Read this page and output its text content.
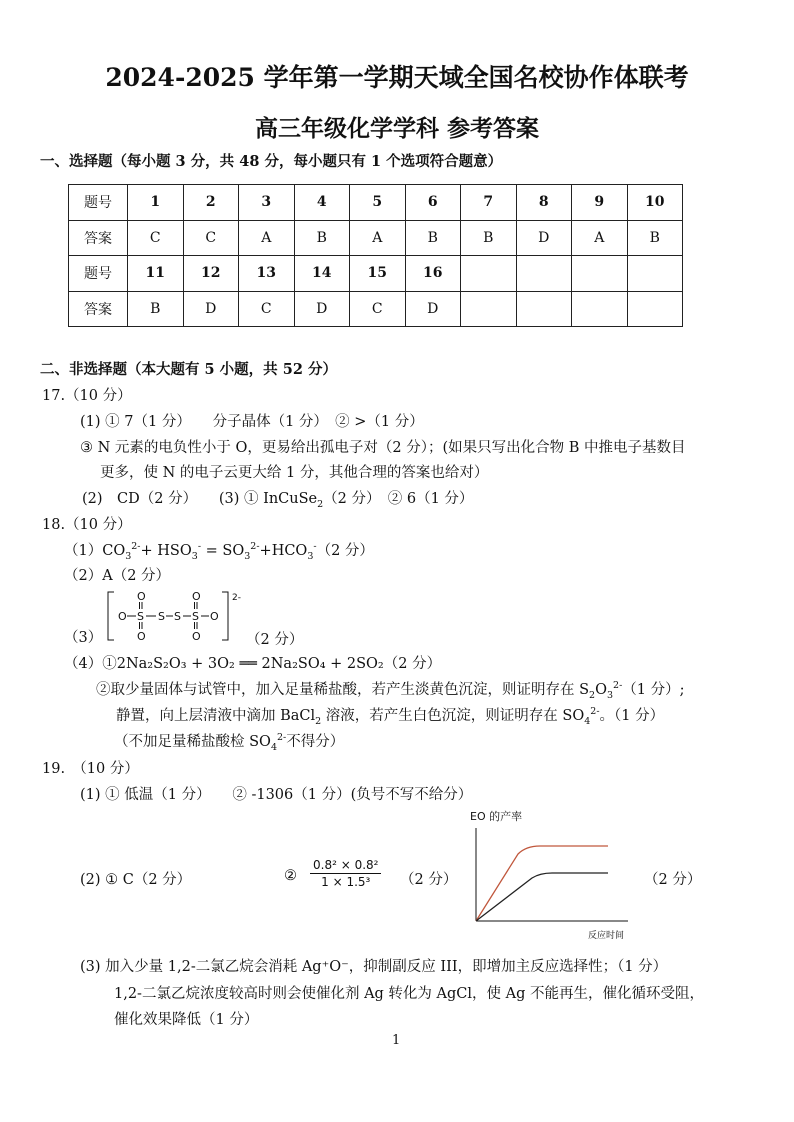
2024-2025 学年第一学期天域全国名校协作体联考
高三年级化学学科 参考答案
一、选择题（每小题 3 分，共 48 分，每小题只有 1 个选项符合题意）
题号	1	2	3	4	5	6	7	8	9	10
答案	C	C	A	B	A	B	B	D	A	B
题号	11	12	13	14	15	16				
答案	B	D	C	D	C	D				
二、非选择题（本大题有 5 小题，共 52 分）
17.（10 分）
(1) ① 7（1 分）　　分子晶体（1 分）　② >（1 分）
③ N 元素的电负性小于 O，更易给出孤电子对（2 分）；(如果只写出化合物 B 中推电子基数目
更多，使 N 的电子云更大给 1 分，其他合理的答案也给对）
(2)　CD（2 分）　　(3) ① InCuSe$_2$（2 分）　② 6（1 分）
18.（10 分）
$(1)CO_3^{2-}+ HSO_3^- = SO_3^{2-}+HCO_3^-(2$ 分）
（2）A（2 分）
（3）
O S
O
O
S S S
O
O
O
2-
（2 分）
（4）①2Na₂S₂O₃ + 3O₂ ══ 2Na₂SO₄ + 2SO₂（2 分）
②取少量固体与试管中，加入足量稀盐酸，若产生淡黄色沉淀，则证明存在 $S_2O_3^{2-}(1$ 分）;
静置，向上层清液中滴加 BaCl$_2$ 溶液，若产生白色沉淀，则证明存在 $SO_4^{2-}$。（1 分）
（不加足量稀盐酸检 $SO_4^{2-}$不得分）
19.　（10 分）
(1) ① 低温（1 分）　　② -1306（1 分）(负号不写不给分）
(2) ① C（2 分）	② $\frac{\text{0.8² × 0.8²}}{\text{1 × 1.5³}} (2$ 分）
EO 的产率
反应时间
（2 分）
(3) 加入少量 1,2-二氯乙烷会消耗 Ag⁺O⁻，抑制副反应 III，即增加主反应选择性；（1 分）
1,2-二氯乙烷浓度较高时则会使催化剂 Ag 转化为 AgCl，使 Ag 不能再生，催化循环受阻，
催化效果降低（1 分）
1
